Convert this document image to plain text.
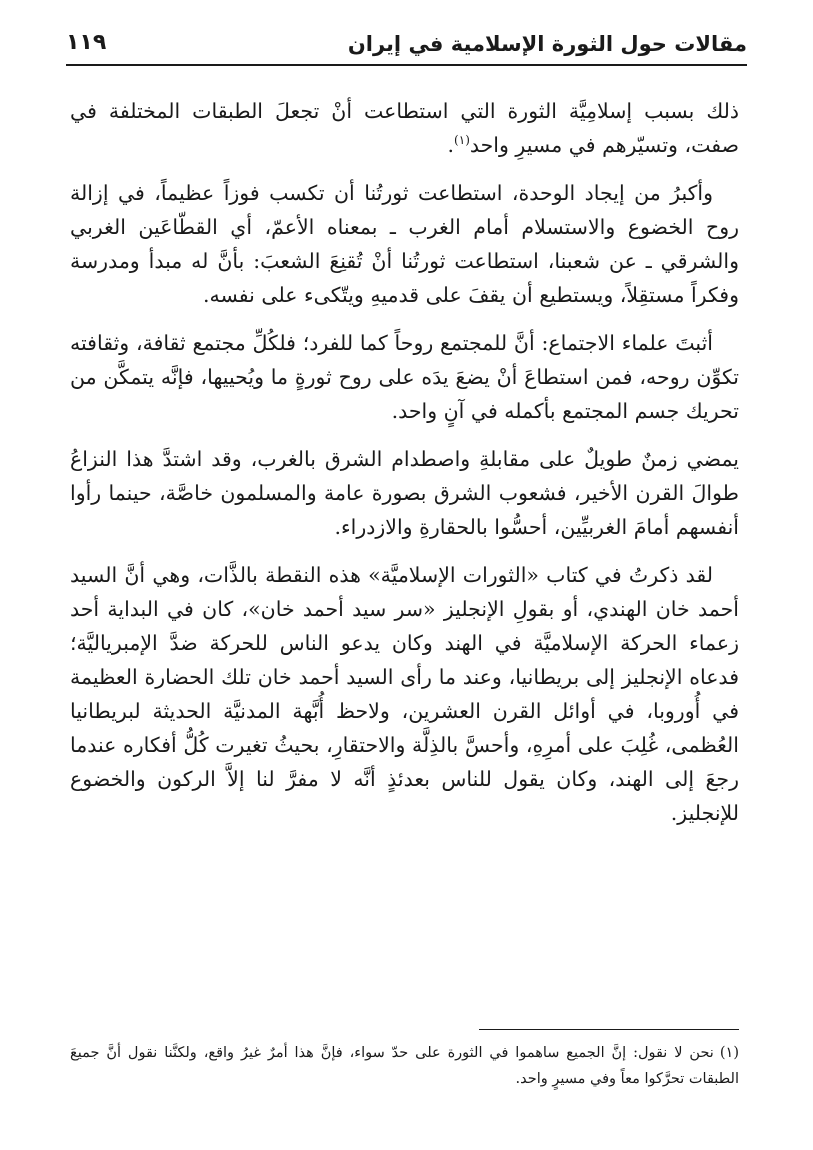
مقالات حول الثورة الإسلامية في إيران
١١٩

ذلك بسبب إسلامِيَّة الثورة التي استطاعت أنْ تجعلَ الطبقات المختلفة في صفت، وتسيّرهم في مسيرِ واحد$^{(١)}$.

وأكبرُ من إيجاد الوحدة، استطاعت ثورتُنا أن تكسب فوزاً عظيماً، في إزالة روح الخضوع والاستسلام أمام الغرب ـ بمعناه الأعمّ، أي القطّاعَين الغربي والشرقي ـ عن شعبنا، استطاعت ثورتُنا أنْ تُقنِعَ الشعبَ: بأنَّ له مبدأ ومدرسة وفكراً مستقِلاً، ويستطيع أن يقفَ على قدميهِ ويتّكىء على نفسه.

أثبتَ علماء الاجتماع: أنَّ للمجتمع روحاً كما للفرد؛ فلكُلِّ مجتمع ثقافة، وثقافته تكوِّن روحه، فمن استطاعَ أنْ يضعَ يدَه على روح ثورةٍ ما ويُحييها، فإنَّه يتمكَّن من تحريك جسم المجتمع بأكمله في آنٍ واحد.

يمضي زمنٌ طويلٌ على مقابلةِ واصطدام الشرق بالغرب، وقد اشتدَّ هذا النزاعُ طوالَ القرن الأخير، فشعوب الشرق بصورة عامة والمسلمون خاصَّة، حينما رأوا أنفسهم أمامَ الغربيِّين، أحسُّوا بالحقارةِ والازدراء.

لقد ذكرتُ في كتاب «الثورات الإسلاميَّة» هذه النقطة بالذَّات، وهي أنَّ السيد أحمد خان الهندي، أو بقولِ الإنجليز «سر سيد أحمد خان»، كان في البداية أحد زعماء الحركة الإسلاميَّة في الهند وكان يدعو الناس للحركة ضدَّ الإمبرياليَّة؛ فدعاه الإنجليز إلى بريطانيا، وعند ما رأى السيد أحمد خان تلك الحضارة العظيمة في أُوروبا، في أوائل القرن العشرين، ولاحظ أُبَّهة المدنيَّة الحديثة لبريطانيا العُظمى، غُلِبَ على أمرِهِ، وأحسَّ بالذِلَّة والاحتقارِ، بحيثُ تغيرت كُلُّ أفكاره عندما رجعَ إلى الهند، وكان يقول للناس بعدئذٍ أنَّه لا مفرَّ لنا إلاَّ الركون والخضوع للإنجليز.

(١)نحن لا نقول: إنَّ الجميع ساهموا في الثورة على حدّ سواء، فإنَّ هذا أمرٌ غيرُ واقع، ولكنَّنا نقول أنَّ جميعَ الطبقات تحرَّكوا معاً وفي مسيرٍ واحد.
